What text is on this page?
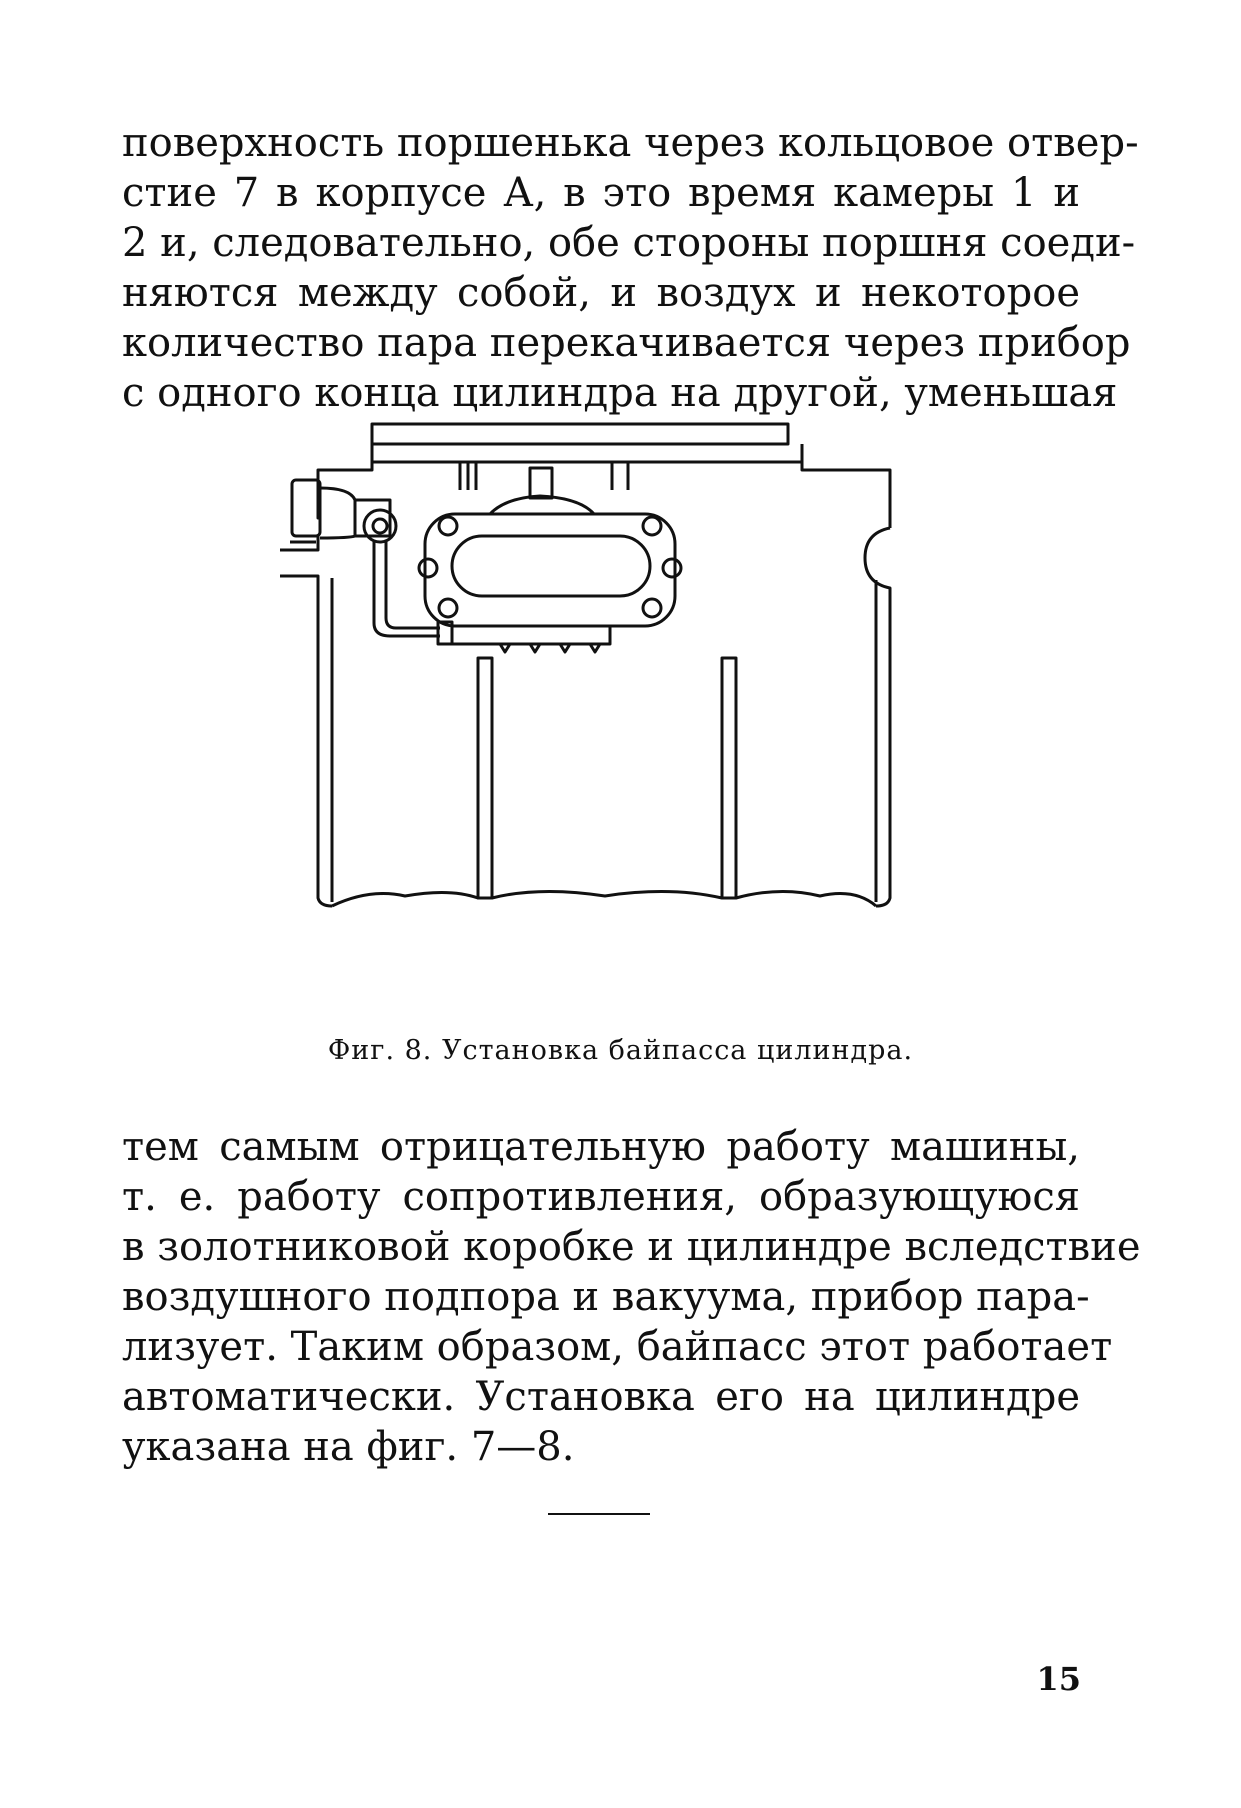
поверхность поршенька через кольцовое отвер-
стие 7 в корпусе А, в это время камеры 1 и
2 и, следовательно, обе стороны поршня соеди-
няются между собой, и воздух и некоторое
количество пара перекачивается через прибор
с одного конца цилиндра на другой, уменьшая
Фиг. 8. Установка байпасса цилиндра.
тем самым отрицательную работу машины,
т. е. работу сопротивления, образующуюся
в золотниковой коробке и цилиндре вследствие
воздушного подпора и вакуума, прибор пара-
лизует. Таким образом, байпасс этот работает
автоматически. Установка его на цилиндре
указана на фиг. 7—8.
15
